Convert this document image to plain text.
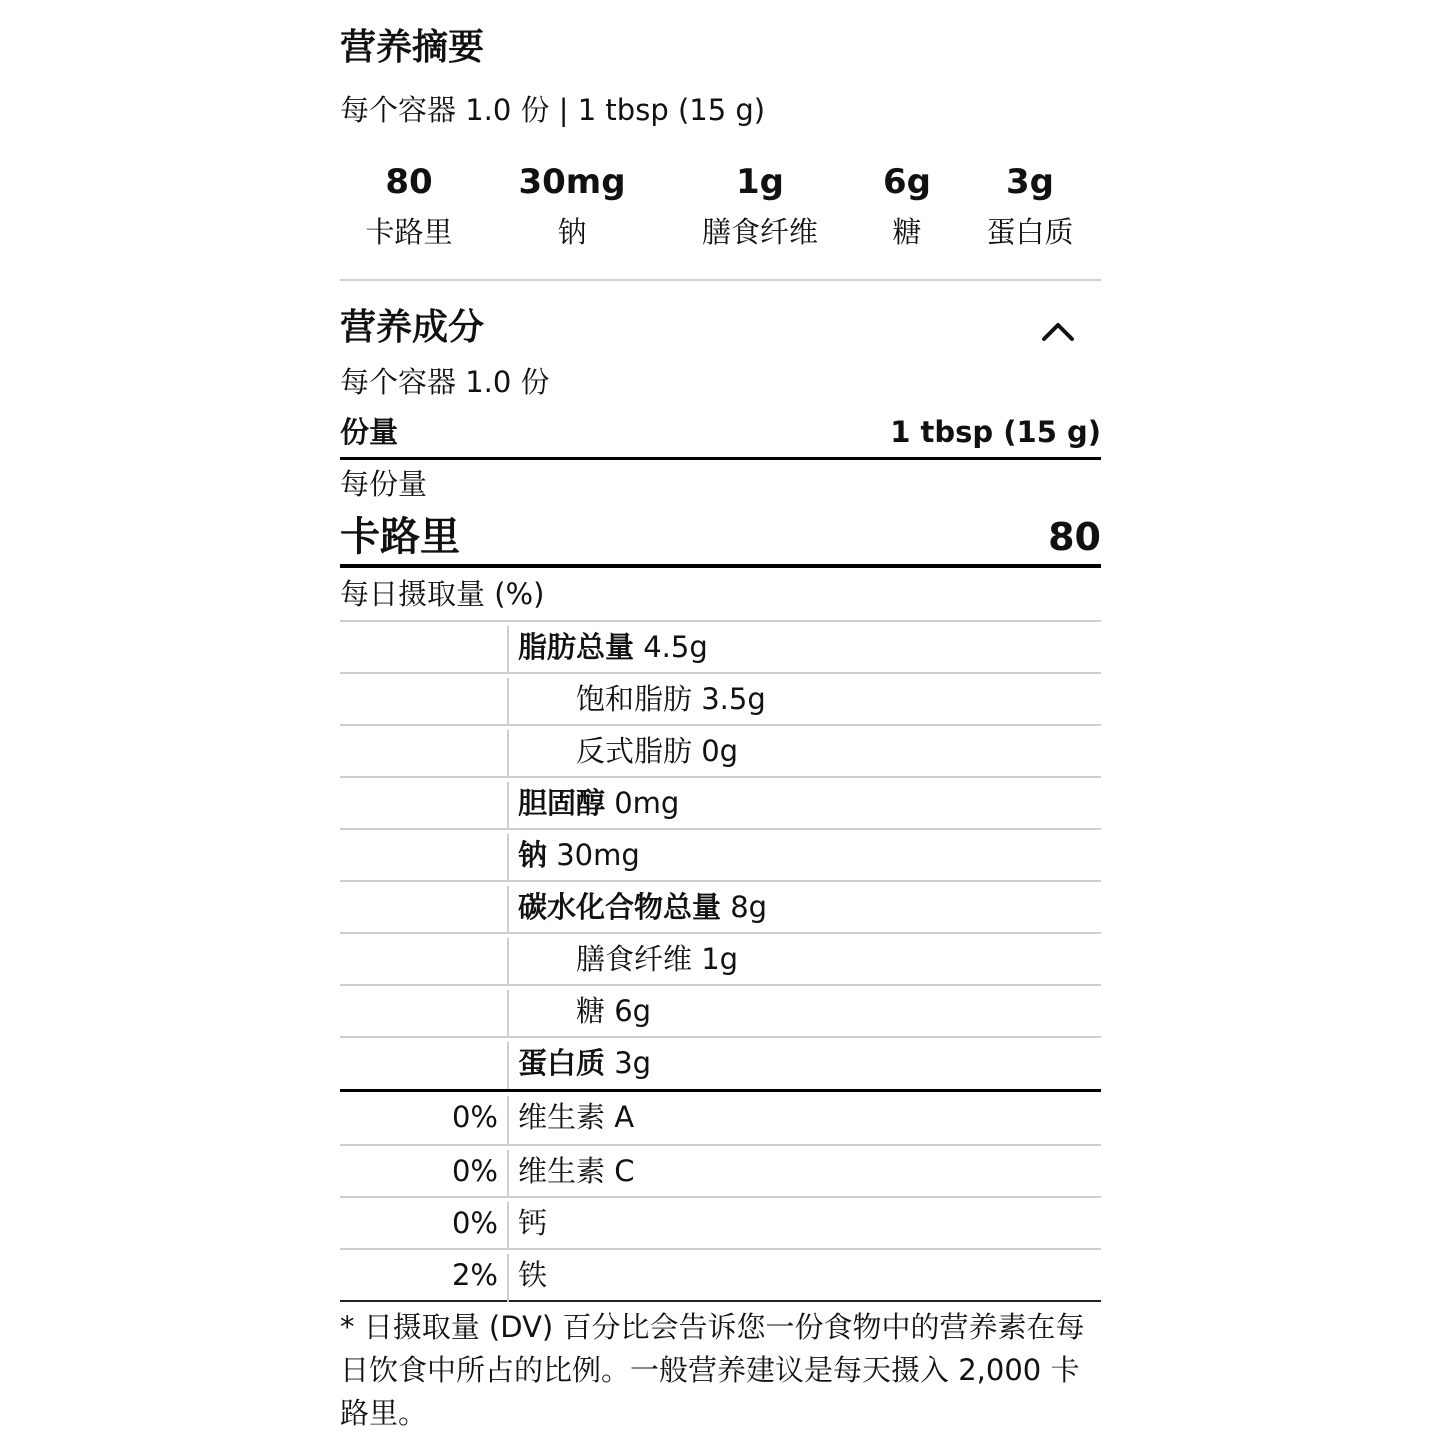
营养摘要
每个容器 1.0 份 | 1 tbsp (15 g)
80
卡路里
30mg
钠
1g
膳食纤维
6g
糖
3g
蛋白质
营养成分
每个容器 1.0 份
份量	1 tbsp (15 g)
每份量
卡路里	80
每日摄取量 (%)
脂肪总量 4.5g
饱和脂肪 3.5g
反式脂肪 0g
胆固醇 0mg
钠 30mg
碳水化合物总量 8g
膳食纤维 1g
糖 6g
蛋白质 3g
0% 维生素 A
0% 维生素 C
0% 钙
2% 铁
* 日摄取量 (DV) 百分比会告诉您一份食物中的营养素在每日饮食中所占的比例。一般营养建议是每天摄入 2,000 卡路里。
